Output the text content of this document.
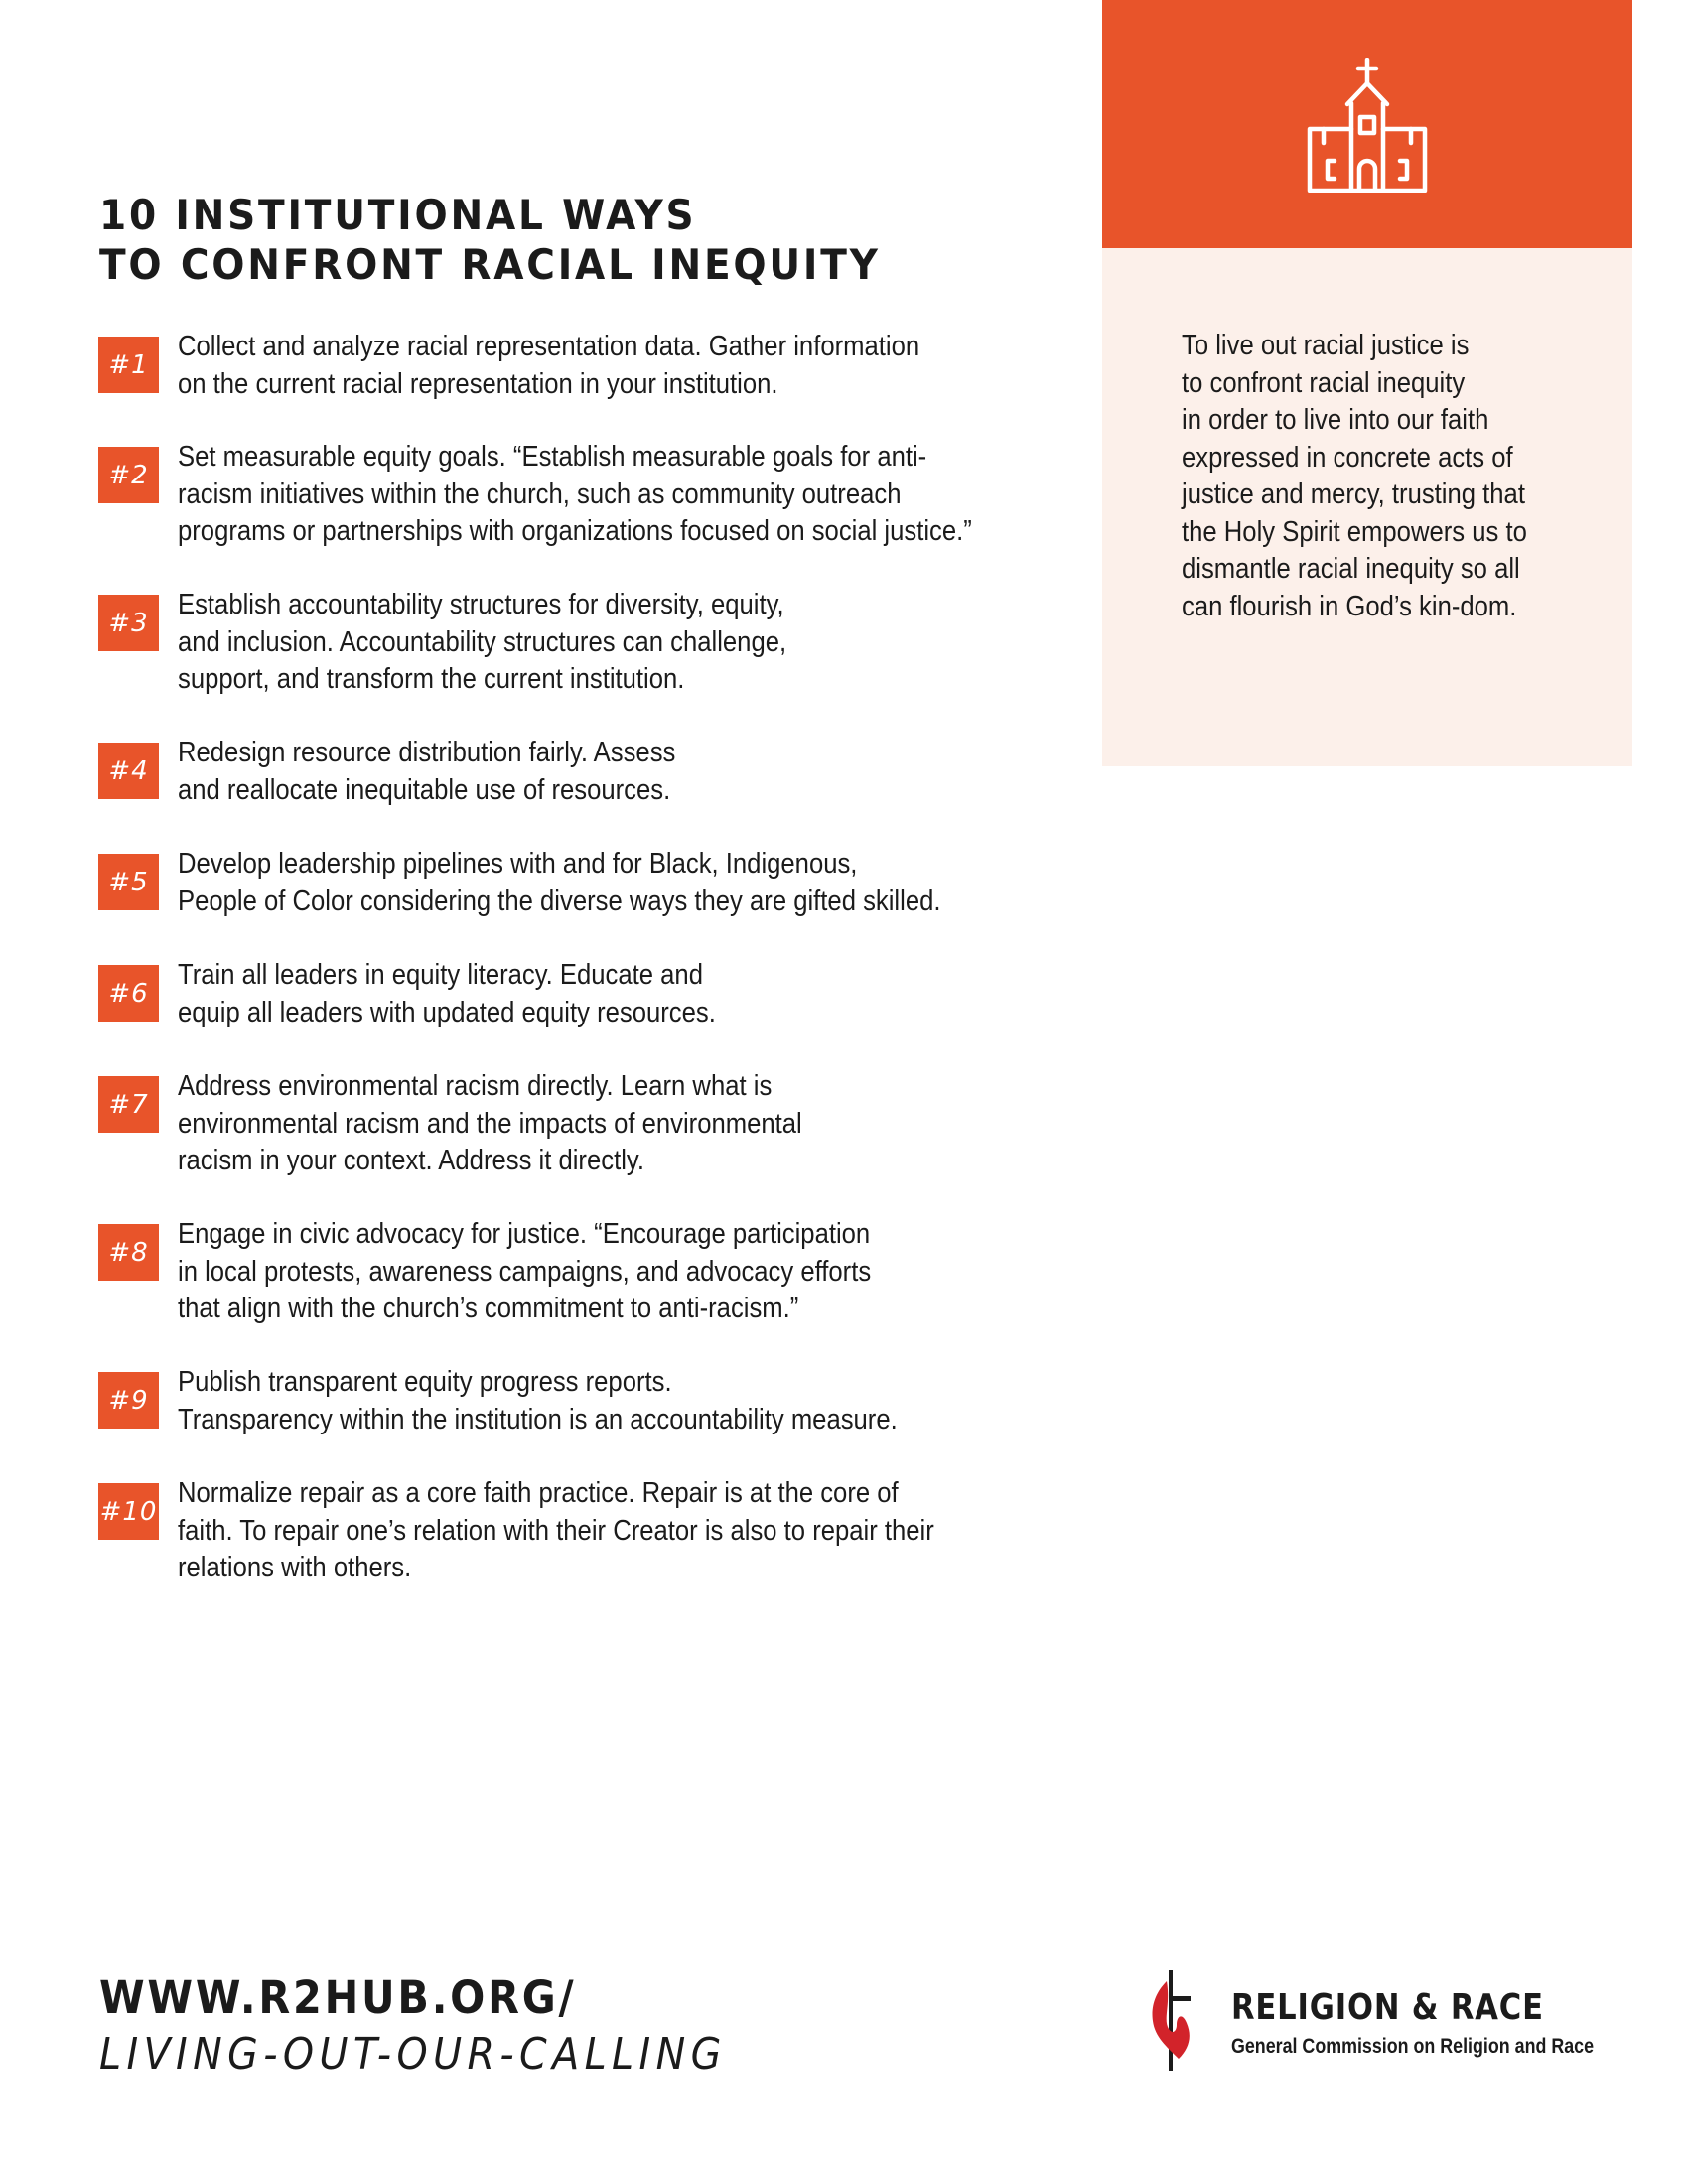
10 INSTITUTIONAL WAYS
TO CONFRONT RACIAL INEQUITY
#1
Collect and analyze racial representation data. Gather information
on the current racial representation in your institution.
#2
Set measurable equity goals. “Establish measurable goals for anti-
racism initiatives within the church, such as community outreach
programs or partnerships with organizations focused on social justice.”
#3
Establish accountability structures for diversity, equity,
and inclusion. Accountability structures can challenge,
support, and transform the current institution.
#4
Redesign resource distribution fairly. Assess
and reallocate inequitable use of resources.
#5
Develop leadership pipelines with and for Black, Indigenous,
People of Color considering the diverse ways they are gifted skilled.
#6
Train all leaders in equity literacy. Educate and
equip all leaders with updated equity resources.
#7
Address environmental racism directly. Learn what is
environmental racism and the impacts of environmental
racism in your context. Address it directly.
#8
Engage in civic advocacy for justice. “Encourage participation
in local protests, awareness campaigns, and advocacy efforts
that align with the church’s commitment to anti-racism.”
#9
Publish transparent equity progress reports.
Transparency within the institution is an accountability measure.
#10
Normalize repair as a core faith practice. Repair is at the core of
faith. To repair one’s relation with their Creator is also to repair their
relations with others.
To live out racial justice is
to confront racial inequity
in order to live into our faith
expressed in concrete acts of
justice and mercy, trusting that
the Holy Spirit empowers us to
dismantle racial inequity so all
can flourish in God’s kin-dom.
WWW.R2HUB.ORG/
LIVING-OUT-OUR-CALLING
RELIGION & RACE
General Commission on Religion and Race
